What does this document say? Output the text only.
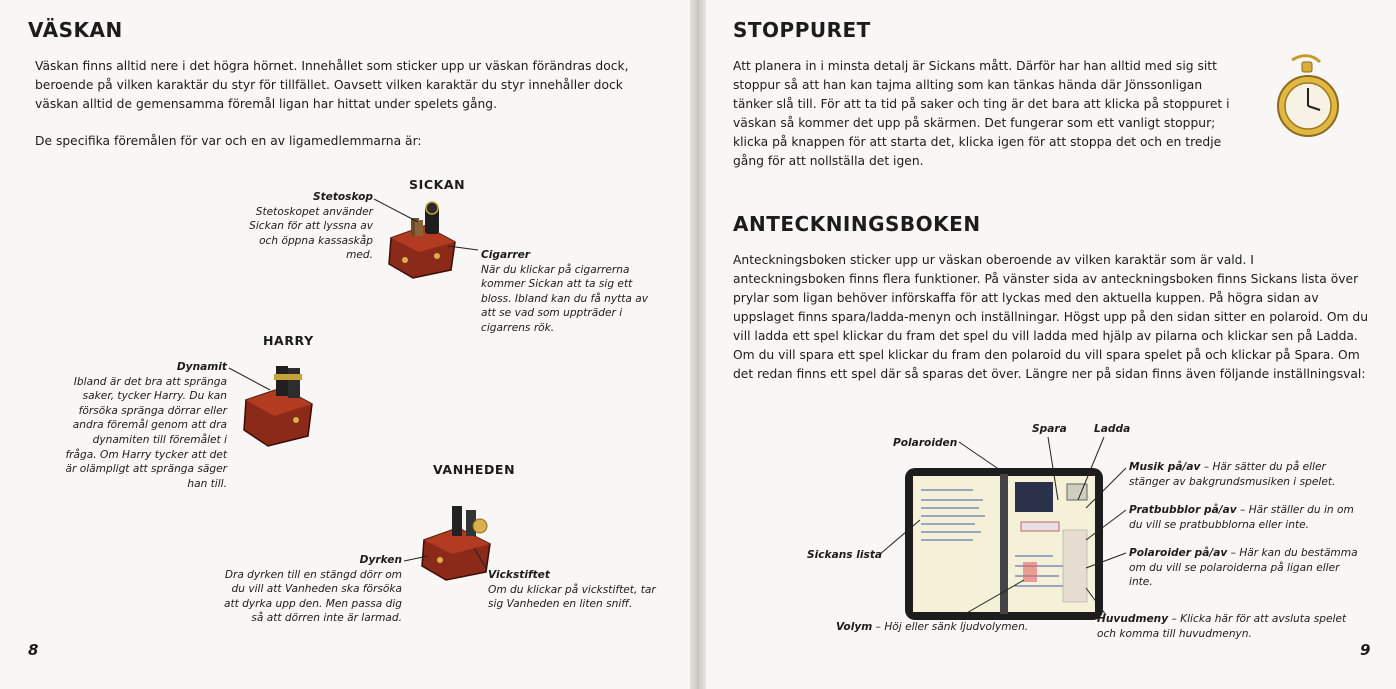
VÄSKAN

Väskan finns alltid nere i det högra hörnet. Innehållet som sticker upp ur väskan förändras dock, beroende på vilken karaktär du styr för tillfället. Oavsett vilken karaktär du styr innehåller dock väskan alltid de gemensamma föremål ligan har hittat under spelets gång.

De specifika föremålen för var och en av ligamedlemmarna är:

SICKAN
Stetoskop
Stetoskopet använder Sickan för att lyssna av och öppna kassaskåp med.	Cigarrer
När du klickar på cigarrerna kommer Sickan att ta sig ett bloss. Ibland kan du få nytta av att se vad som uppträder i cigarrens rök.
HARRY
Dynamit
Ibland är det bra att spränga saker, tycker Harry. Du kan försöka spränga dörrar eller andra föremål genom att dra dynamiten till föremålet i fråga. Om Harry tycker att det är olämpligt att spränga säger han till.
VANHEDEN
Dyrken
Dra dyrken till en stängd dörr om du vill att Vanheden ska försöka att dyrka upp den. Men passa dig så att dörren inte är larmad.
Vickstiftet
Om du klickar på vickstiftet, tar sig Vanheden en liten sniff.
8
STOPPURET

Att planera in i minsta detalj är Sickans mått. Därför har han alltid med sig sitt stoppur så att han kan tajma allting som kan tänkas hända där Jönssonligan tänker slå till. För att ta tid på saker och ting är det bara att klicka på stoppuret i väskan så kommer det upp på skärmen. Det fungerar som ett vanligt stoppur; klicka på knappen för att starta det, klicka igen för att stoppa det och en tredje gång för att nollställa det igen.

ANTECKNINGSBOKEN

Anteckningsboken sticker upp ur väskan oberoende av vilken karaktär som är vald. I anteckningsboken finns flera funktioner. På vänster sida av anteckningsboken finns Sickans lista över prylar som ligan behöver införskaffa för att lyckas med den aktuella kuppen. På högra sidan av uppslaget finns spara/ladda-menyn och inställningar. Högst upp på den sidan sitter en polaroid. Om du vill ladda ett spel klickar du fram det spel du vill ladda med hjälp av pilarna och klickar sen på Ladda. Om du vill spara ett spel klickar du fram den polaroid du vill spara spelet på och klickar på Spara. Om det redan finns ett spel där så sparas det över. Längre ner på sidan finns även följande inställningsval:

Polaroiden
Spara	Ladda
Sickans lista
Volym – Höj eller sänk ljudvolymen.
Musik på/av – Här sätter du på eller stänger av bakgrundsmusiken i spelet.
Pratbubblor på/av – Här ställer du in om du vill se pratbubblorna eller inte.
Polaroider på/av – Här kan du bestämma om du vill se polaroiderna på ligan eller inte.
Huvudmeny – Klicka här för att avsluta spelet och komma till huvudmenyn.
9
